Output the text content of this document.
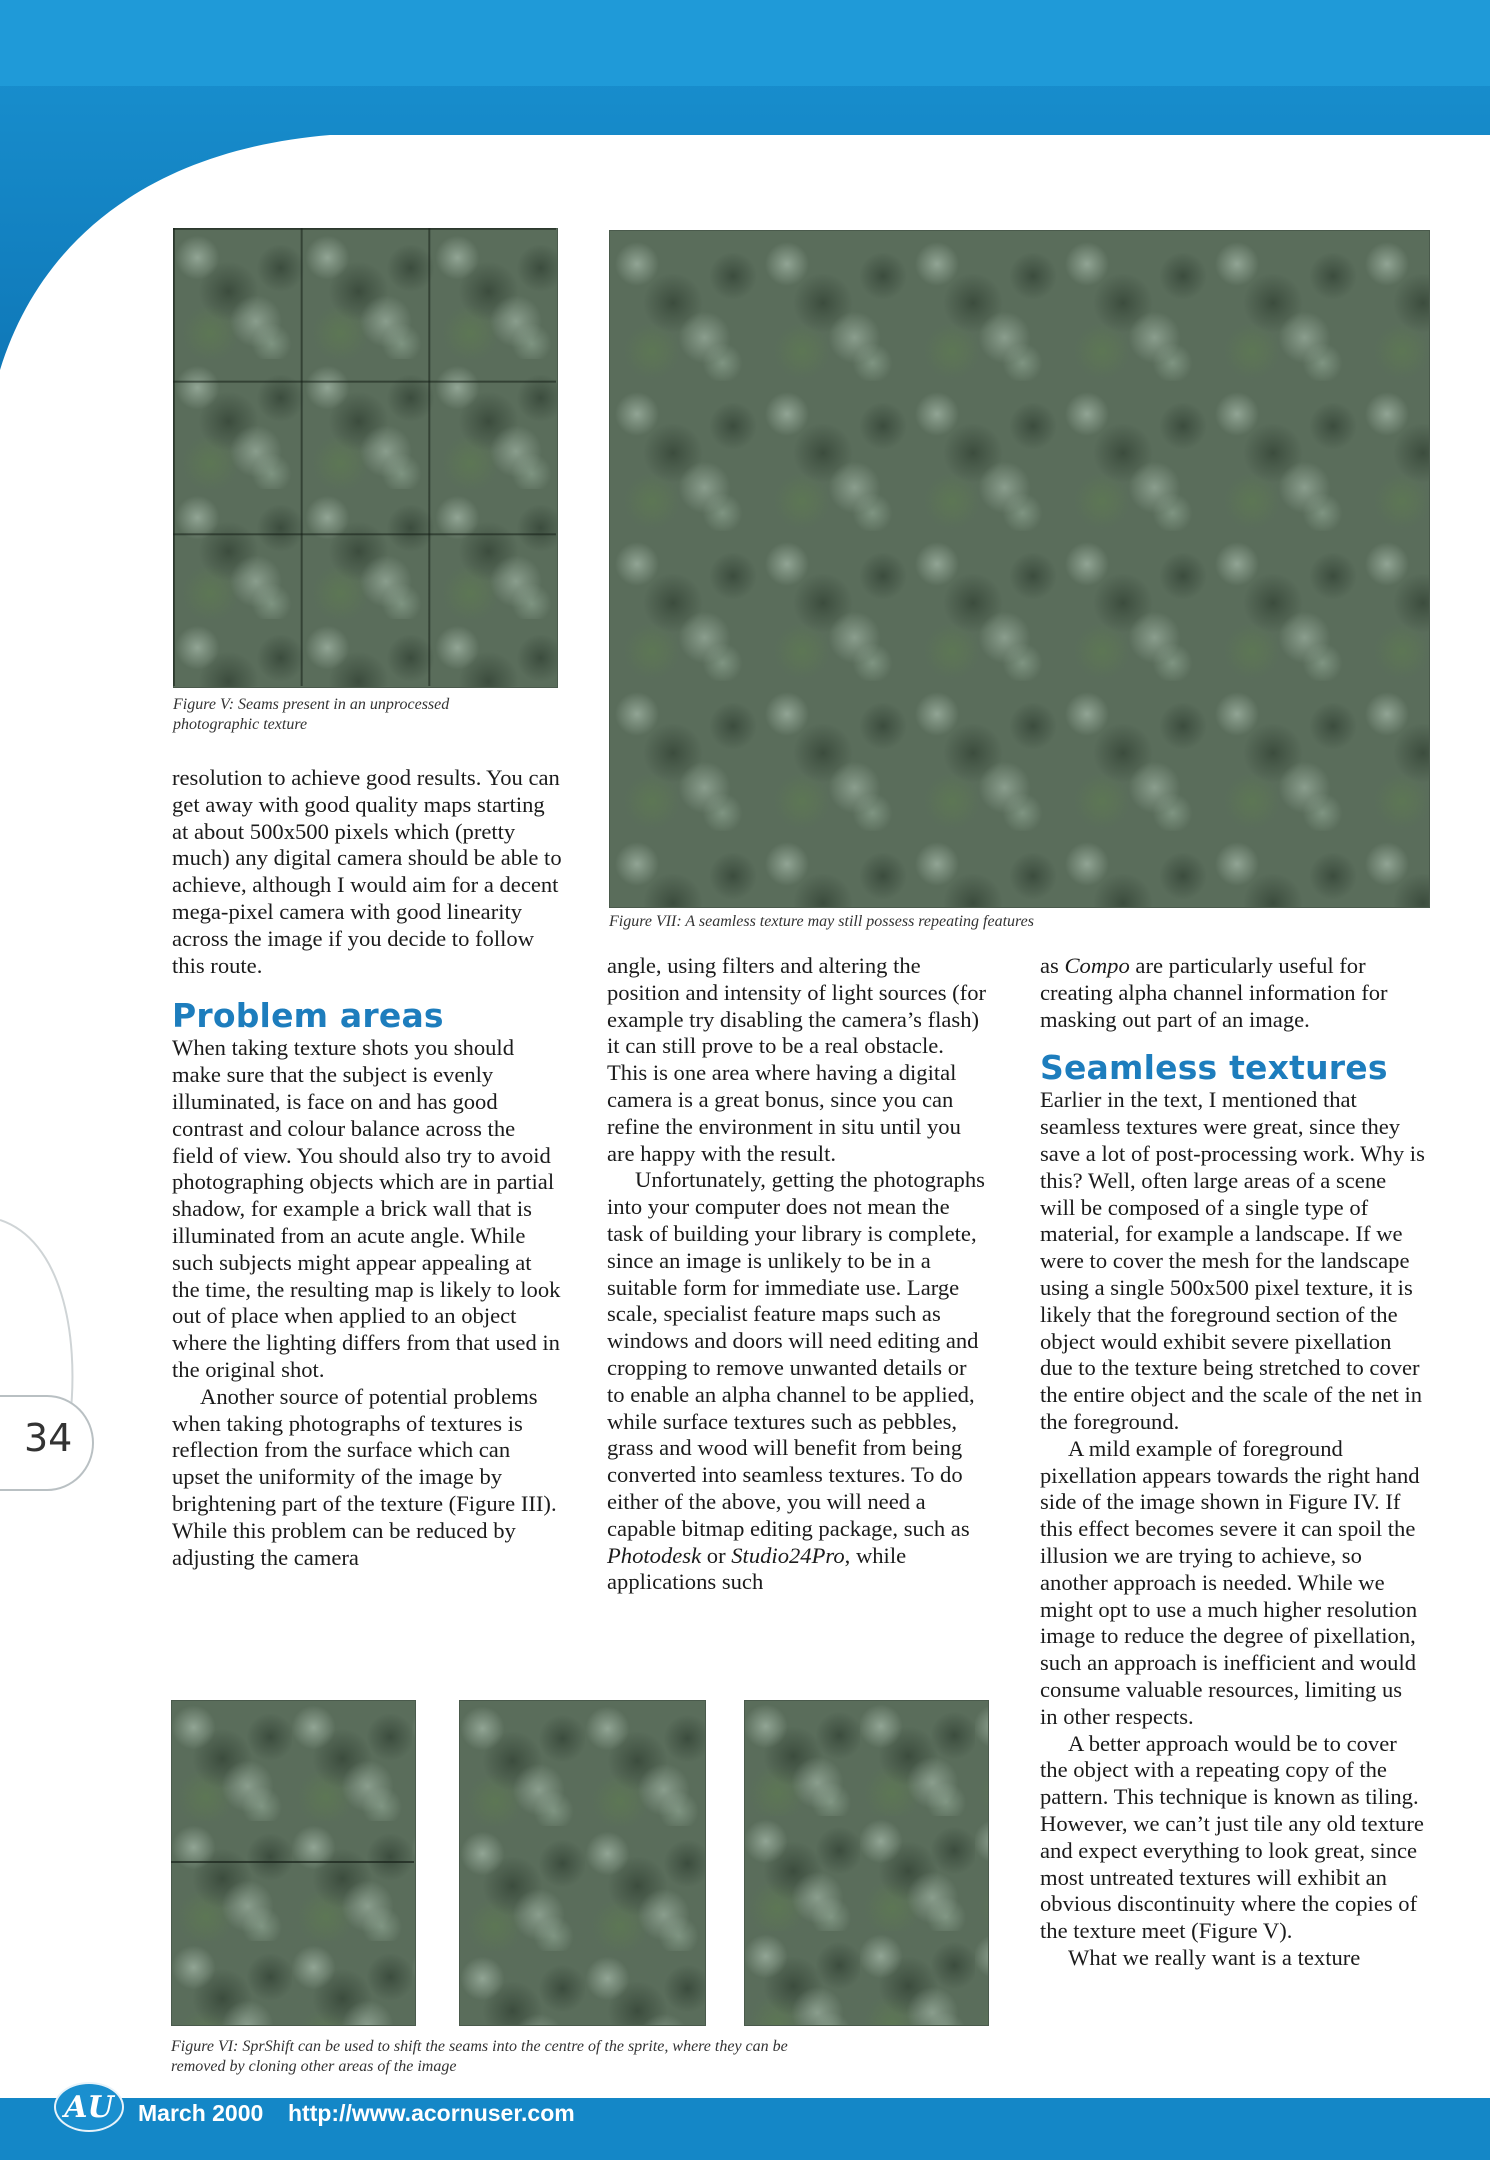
34
Figure V: Seams present in an unprocessed photographic texture
Figure VII: A seamless texture may still possess repeating features

resolution to achieve good results. You can get away with good quality maps starting at about 500x500 pixels which (pretty much) any digital camera should be able to achieve, although I would aim for a decent mega-pixel camera with good linearity across the image if you decide to follow this route.

Problem areas

When taking texture shots you should make sure that the subject is evenly illuminated, is face on and has good contrast and colour balance across the field of view. You should also try to avoid photographing objects which are in partial shadow, for example a brick wall that is illuminated from an acute angle. While such subjects might appear appealing at the time, the resulting map is likely to look out of place when applied to an object where the lighting differs from that used in the original shot.

Another source of potential problems when taking photographs of textures is reflection from the surface which can upset the uniformity of the image by brightening part of the texture (Figure III). While this problem can be reduced by adjusting the camera

angle, using filters and altering the position and intensity of light sources (for example try disabling the camera’s flash) it can still prove to be a real obstacle. This is one area where having a digital camera is a great bonus, since you can refine the environment in situ until you are happy with the result.

Unfortunately, getting the photographs into your computer does not mean the task of building your library is complete, since an image is unlikely to be in a suitable form for immediate use. Large scale, specialist feature maps such as windows and doors will need editing and cropping to remove unwanted details or to enable an alpha channel to be applied, while surface textures such as pebbles, grass and wood will benefit from being converted into seamless textures. To do either of the above, you will need a capable bitmap editing package, such as Photodesk or Studio24Pro, while applications such

as Compo are particularly useful for creating alpha channel information for masking out part of an image.

Seamless textures

Earlier in the text, I mentioned that seamless textures were great, since they save a lot of post-processing work. Why is this? Well, often large areas of a scene will be composed of a single type of material, for example a landscape. If we were to cover the mesh for the landscape using a single 500x500 pixel texture, it is likely that the foreground section of the object would exhibit severe pixellation due to the texture being stretched to cover the entire object and the scale of the net in the foreground.

A mild example of foreground pixellation appears towards the right hand side of the image shown in Figure IV. If this effect becomes severe it can spoil the illusion we are trying to achieve, so another approach is needed. While we might opt to use a much higher resolution image to reduce the degree of pixellation, such an approach is inefficient and would consume valuable resources, limiting us in other respects.

A better approach would be to cover the object with a repeating copy of the pattern. This technique is known as tiling. However, we can’t just tile any old texture and expect everything to look great, since most untreated textures will exhibit an obvious discontinuity where the copies of the texture meet (Figure V).

What we really want is a texture

Figure VI: SprShift can be used to shift the seams into the centre of the sprite, where they can be removed by cloning other areas of the image
AU March 2000 http://www.acornuser.com
